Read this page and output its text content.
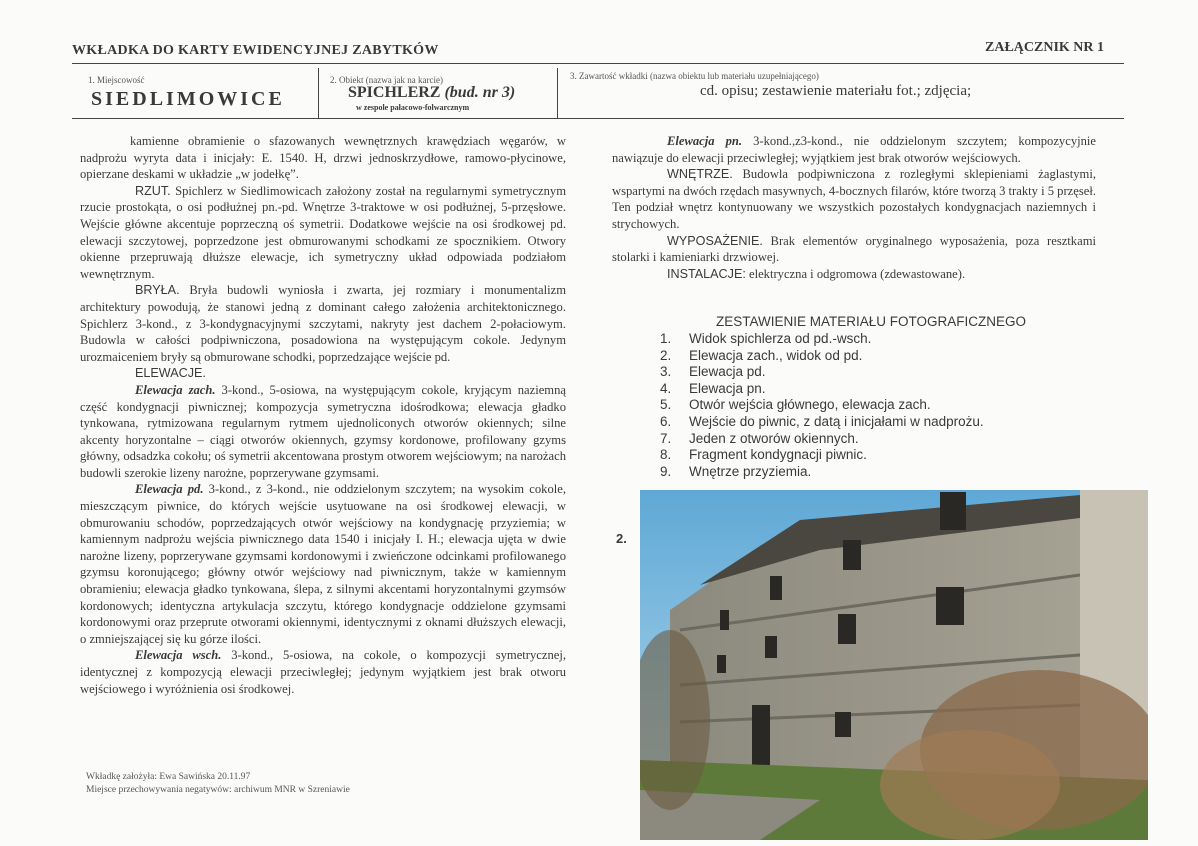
WKŁADKA DO KARTY EWIDENCYJNEJ ZABYTKÓW	ZAŁĄCZNIK NR 1
1. Miejscowość
SIEDLIMOWICE
2. Obiekt (nazwa jak na karcie)
SPICHLERZ (bud. nr 3)
w zespole pałacowo-folwarcznym
3. Zawartość wkładki (nazwa obiektu lub materiału uzupełniającego)
cd. opisu; zestawienie materiału fot.; zdjęcia;

kamienne obramienie o sfazowanych wewnętrznych krawędziach węgarów, w nadprożu wyryta data i inicjały: E. 1540. H, drzwi jednoskrzydłowe, ramowo-płycinowe, opierzane deskami w układzie „w jodełkę”.

RZUT. Spichlerz w Siedlimowicach założony został na regularnymi symetrycznym rzucie prostokąta, o osi podłużnej pn.-pd. Wnętrze 3-traktowe w osi podłużnej, 5-przęsłowe. Wejście główne akcentuje poprzeczną oś symetrii. Dodatkowe wejście na osi środkowej pd. elewacji szczytowej, poprzedzone jest obmurowanymi schodkami ze spocznikiem. Otwory okienne przepruwają dłuższe elewacje, ich symetryczny układ odpowiada podziałom wewnętrznym.

BRYŁA. Bryła budowli wyniosła i zwarta, jej rozmiary i monumentalizm architektury powodują, że stanowi jedną z dominant całego założenia architektonicznego. Spichlerz 3-kond., z 3-kondygnacyjnymi szczytami, nakryty jest dachem 2-połaciowym. Budowla w całości podpiwniczona, posadowiona na występującym cokole. Jedynym urozmaiceniem bryły są obmurowane schodki, poprzedzające wejście pd.

ELEWACJE.

Elewacja zach. 3-kond., 5-osiowa, na występującym cokole, kryjącym naziemną część kondygnacji piwnicznej; kompozycja symetryczna idośrodkowa; elewacja gładko tynkowana, rytmizowana regularnym rytmem ujednoliconych otworów okiennych; silne akcenty horyzontalne – ciągi otworów okiennych, gzymsy kordonowe, profilowany gzyms główny, odsadzka cokołu; oś symetrii akcentowana prostym otworem wejściowym; na narożach budowli szerokie lizeny narożne, poprzerywane gzymsami.

Elewacja pd. 3-kond., z 3-kond., nie oddzielonym szczytem; na wysokim cokole, mieszczącym piwnice, do których wejście usytuowane na osi środkowej elewacji, w obmurowaniu schodów, poprzedzających otwór wejściowy na kondygnację przyziemia; w kamiennym nadprożu wejścia piwnicznego data 1540 i inicjały I. H.; elewacja ujęta w dwie narożne lizeny, poprzerywane gzymsami kordonowymi i zwieńczone odcinkami profilowanego gzymsu koronującego; główny otwór wejściowy nad piwnicznym, także w kamiennym obramieniu; elewacja gładko tynkowana, ślepa, z silnymi akcentami horyzontalnymi gzymsów kordonowych; identyczna artykulacja szczytu, którego kondygnacje oddzielone gzymsami kordonowymi oraz przeprute otworami okiennymi, identycznymi z oknami dłuższych elewacji, o zmniejszającej się ku górze ilości.

Elewacja wsch. 3-kond., 5-osiowa, na cokole, o kompozycji symetrycznej, identycznej z kompozycją elewacji przeciwległej; jedynym wyjątkiem jest brak otworu wejściowego i wyróżnienia osi środkowej.

Elewacja pn. 3-kond.,z3-kond., nie oddzielonym szczytem; kompozycyjnie nawiązuje do elewacji przeciwległej; wyjątkiem jest brak otworów wejściowych.

WNĘTRZE. Budowla podpiwniczona z rozległymi sklepieniami żaglastymi, wspartymi na dwóch rzędach masywnych, 4-bocznych filarów, które tworzą 3 trakty i 5 przęseł. Ten podział wnętrz kontynuowany we wszystkich pozostałych kondygnacjach naziemnych i strychowych.

WYPOSAŻENIE. Brak elementów oryginalnego wyposażenia, poza resztkami stolarki i kamieniarki drzwiowej.

INSTALACJE: elektryczna i odgromowa (zdewastowane).

ZESTAWIENIE MATERIAŁU FOTOGRAFICZNEGO
1.	Widok spichlerza od pd.-wsch.
2.	Elewacja zach., widok od pd.
3.	Elewacja pd.
4.	Elewacja pn.
5.	Otwór wejścia głównego, elewacja zach.
6.	Wejście do piwnic, z datą i inicjałami w nadprożu.
7.	Jeden z otworów okiennych.
8.	Fragment kondygnacji piwnic.
9.	Wnętrze przyziemia.
2.
Wkładkę założyła: Ewa Sawińska 20.11.97
Miejsce przechowywania negatywów: archiwum MNR w Szreniawie
